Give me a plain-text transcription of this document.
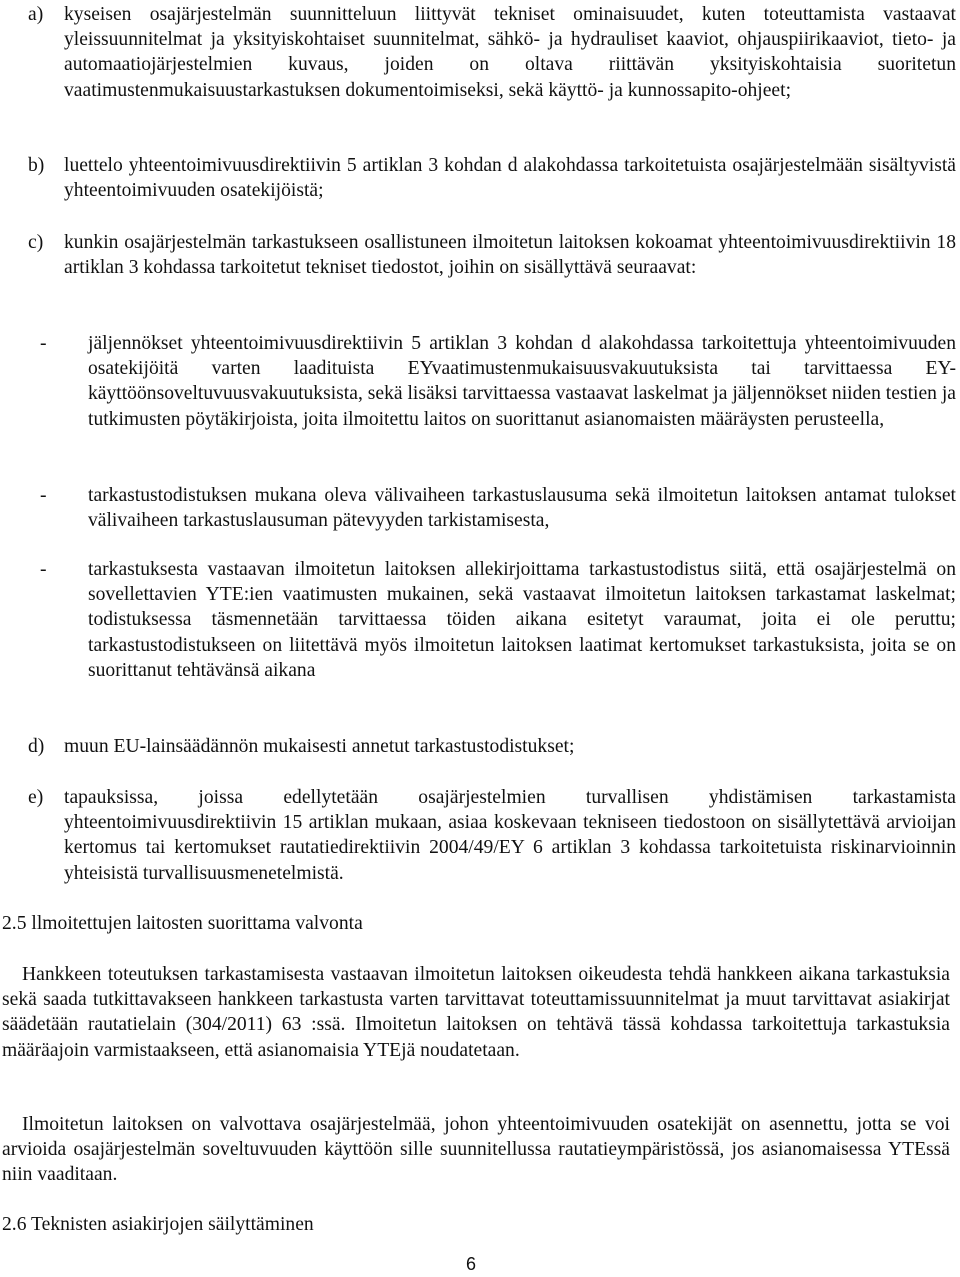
a) kyseisen osajärjestelmän suunnitteluun liittyvät tekniset ominaisuudet, kuten toteuttamista vastaavat yleissuunnitelmat ja yksityiskohtaiset suunnitelmat, sähkö- ja hydrauliset kaaviot, ohjauspiirikaaviot, tieto- ja automaatiojärjestelmien kuvaus, joiden on oltava riittävän yksityiskohtaisia suoritetun vaatimustenmukaisuustarkastuksen dokumentoimiseksi, sekä käyttö- ja kunnossapito-ohjeet;
b) luettelo yhteentoimivuusdirektiivin 5 artiklan 3 kohdan d alakohdassa tarkoitetuista osajärjestelmään sisältyvistä yhteentoimivuuden osatekijöistä;
c) kunkin osajärjestelmän tarkastukseen osallistuneen ilmoitetun laitoksen kokoamat yhteentoimivuusdirektiivin 18 artiklan 3 kohdassa tarkoitetut tekniset tiedostot, joihin on sisällyttävä seuraavat:
- jäljennökset yhteentoimivuusdirektiivin 5 artiklan 3 kohdan d alakohdassa tarkoitettuja yhteentoimivuuden osatekijöitä varten laadituista EYvaatimustenmukaisuusvakuutuksista tai tarvittaessa EY-käyttöönsoveltuvuusvakuutuksista, sekä lisäksi tarvittaessa vastaavat laskelmat ja jäljennökset niiden testien ja tutkimusten pöytäkirjoista, joita ilmoitettu laitos on suorittanut asianomaisten määräysten perusteella,
- tarkastustodistuksen mukana oleva välivaiheen tarkastuslausuma sekä ilmoitetun laitoksen antamat tulokset välivaiheen tarkastuslausuman pätevyyden tarkistamisesta,
- tarkastuksesta vastaavan ilmoitetun laitoksen allekirjoittama tarkastustodistus siitä, että osajärjestelmä on sovellettavien YTE:ien vaatimusten mukainen, sekä vastaavat ilmoitetun laitoksen tarkastamat laskelmat; todistuksessa täsmennetään tarvittaessa töiden aikana esitetyt varaumat, joita ei ole peruttu; tarkastustodistukseen on liitettävä myös ilmoitetun laitoksen laatimat kertomukset tarkastuksista, joita se on suorittanut tehtävänsä aikana
d) muun EU-lainsäädännön mukaisesti annetut tarkastustodistukset;
e) tapauksissa, joissa edellytetään osajärjestelmien turvallisen yhdistämisen tarkastamista yhteentoimivuusdirektiivin 15 artiklan mukaan, asiaa koskevaan tekniseen tiedostoon on sisällytettävä arvioijan kertomus tai kertomukset rautatiedirektiivin 2004/49/EY 6 artiklan 3 kohdassa tarkoitetuista riskinarvioinnin yhteisistä turvallisuusmenetelmistä.
2.5 llmoitettujen laitosten suorittama valvonta
Hankkeen toteutuksen tarkastamisesta vastaavan ilmoitetun laitoksen oikeudesta tehdä hankkeen aikana tarkastuksia sekä saada tutkittavakseen hankkeen tarkastusta varten tarvittavat toteuttamissuunnitelmat ja muut tarvittavat asiakirjat säädetään rautatielain (304/2011) 63 :ssä. Ilmoitetun laitoksen on tehtävä tässä kohdassa tarkoitettuja tarkastuksia määräajoin varmistaakseen, että asianomaisia YTEjä noudatetaan.
Ilmoitetun laitoksen on valvottava osajärjestelmää, johon yhteentoimivuuden osatekijät on asennettu, jotta se voi arvioida osajärjestelmän soveltuvuuden käyttöön sille suunnitellussa rautatieympäristössä, jos asianomaisessa YTEssä niin vaaditaan.
2.6 Teknisten asiakirjojen säilyttäminen
6
